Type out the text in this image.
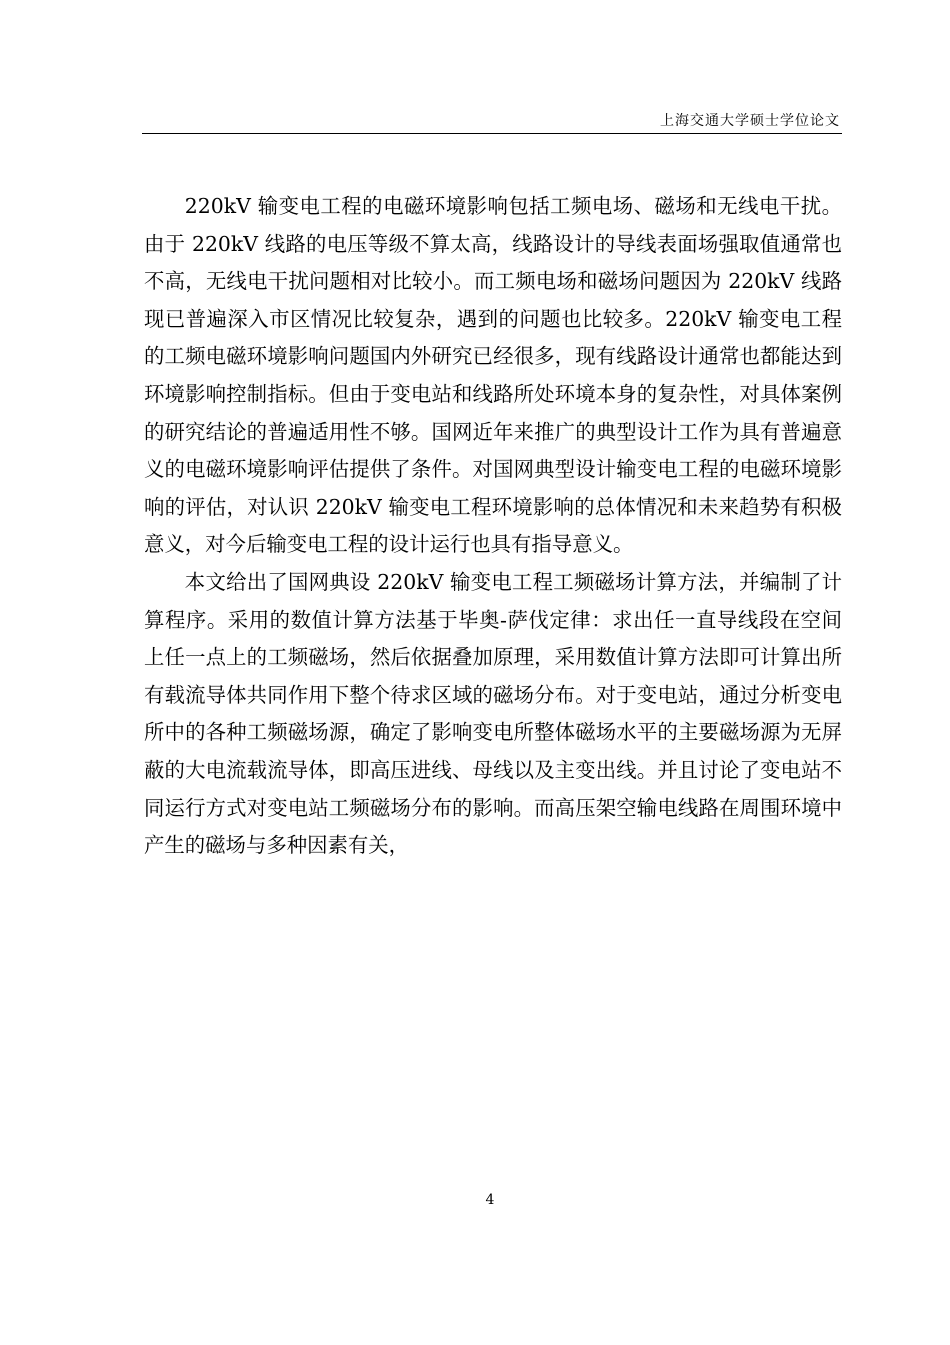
上海交通大学硕士学位论文

220kV 输变电工程的电磁环境影响包括工频电场、磁场和无线电干扰。由于 220kV 线路的电压等级不算太高，线路设计的导线表面场强取值通常也不高，无线电干扰问题相对比较小。而工频电场和磁场问题因为 220kV 线路现已普遍深入市区情况比较复杂，遇到的问题也比较多。220kV 输变电工程的工频电磁环境影响问题国内外研究已经很多，现有线路设计通常也都能达到环境影响控制指标。但由于变电站和线路所处环境本身的复杂性，对具体案例的研究结论的普遍适用性不够。国网近年来推广的典型设计工作为具有普遍意义的电磁环境影响评估提供了条件。对国网典型设计输变电工程的电磁环境影响的评估，对认识 220kV 输变电工程环境影响的总体情况和未来趋势有积极意义，对今后输变电工程的设计运行也具有指导意义。

本文给出了国网典设 220kV 输变电工程工频磁场计算方法，并编制了计算程序。采用的数值计算方法基于毕奥-萨伐定律：求出任一直导线段在空间上任一点上的工频磁场，然后依据叠加原理，采用数值计算方法即可计算出所有载流导体共同作用下整个待求区域的磁场分布。对于变电站，通过分析变电所中的各种工频磁场源，确定了影响变电所整体磁场水平的主要磁场源为无屏蔽的大电流载流导体，即高压进线、母线以及主变出线。并且讨论了变电站不同运行方式对变电站工频磁场分布的影响。而高压架空输电线路在周围环境中产生的磁场与多种因素有关，

4
